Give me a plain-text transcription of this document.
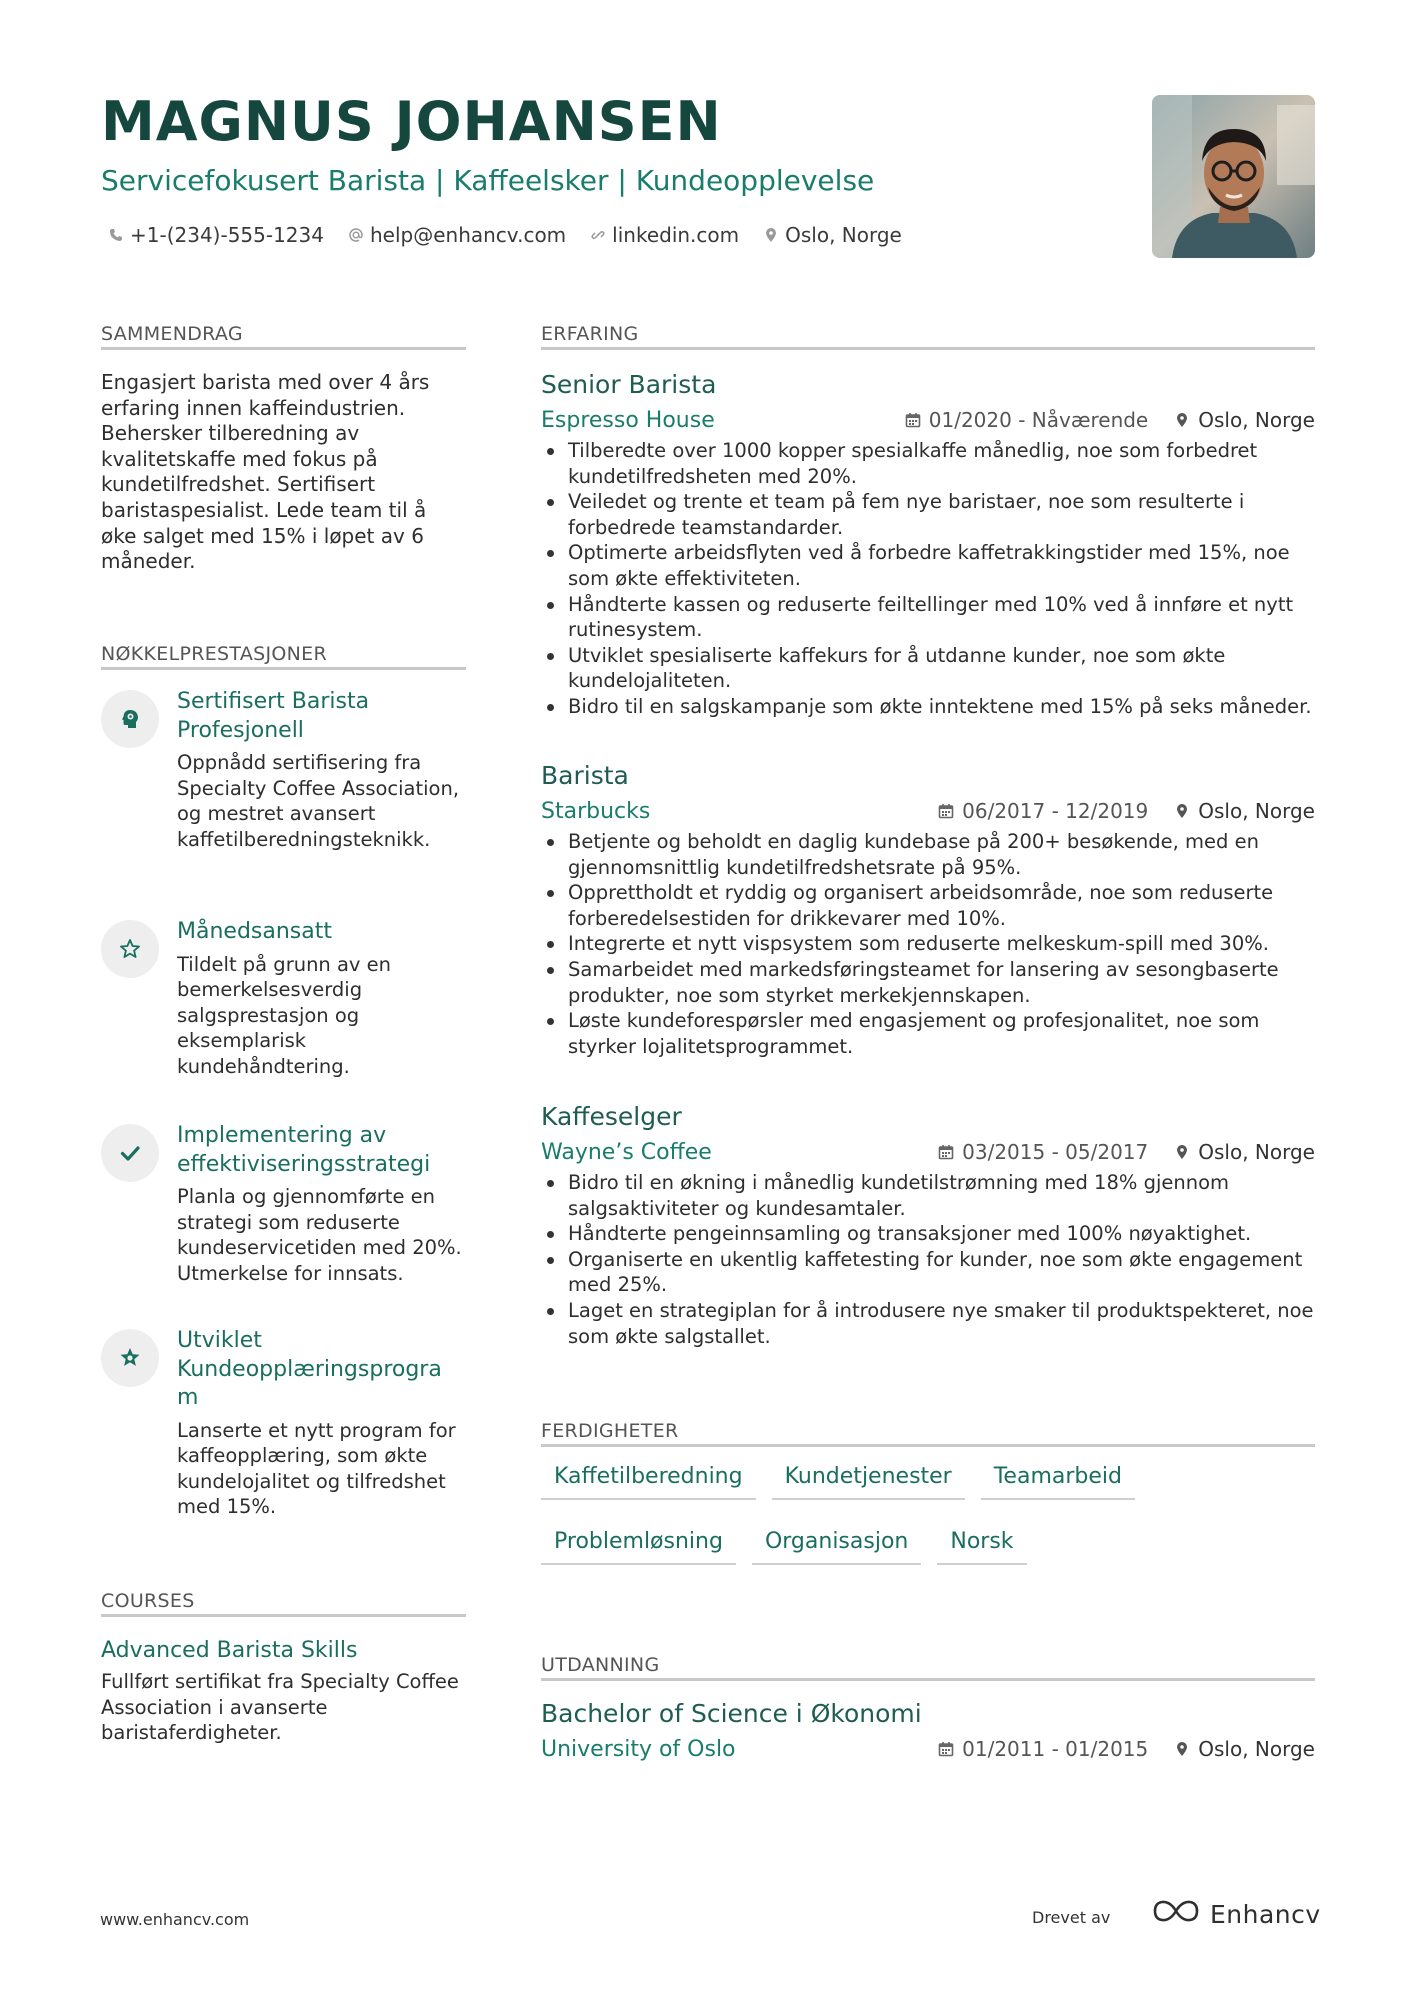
MAGNUS JOHANSEN
Servicefokusert Barista | Kaffeelsker | Kundeopplevelse
+1-(234)-555-1234 help@enhancv.com linkedin.com Oslo, Norge
SAMMENDRAG
Engasjert barista med over 4 års erfaring innen kaffeindustrien. Behersker tilberedning av kvalitetskaffe med fokus på kundetilfredshet. Sertifisert baristaspesialist. Lede team til å øke salget med 15% i løpet av 6 måneder.
NØKKELPRESTASJONER
Sertifisert Barista Profesjonell
Oppnådd sertifisering fra Specialty Coffee Association, og mestret avansert kaffetilberedningsteknikk.
Månedsansatt
Tildelt på grunn av en bemerkelsesverdig salgsprestasjon og eksemplarisk kundehåndtering.
Implementering av effektiviseringsstrategi
Planla og gjennomførte en strategi som reduserte kundeservicetiden med 20%. Utmerkelse for innsats.
Utviklet Kundeopplæringsprogra m
Lanserte et nytt program for kaffeopplæring, som økte kundelojalitet og tilfredshet med 15%.
COURSES
Advanced Barista Skills
Fullført sertifikat fra Specialty Coffee Association i avanserte baristaferdigheter.
ERFARING
Senior Barista
Espresso House	01/2020 - Nåværende	Oslo, Norge
Tilberedte over 1000 kopper spesialkaffe månedlig, noe som forbedret kundetilfredsheten med 20%.
Veiledet og trente et team på fem nye baristaer, noe som resulterte i forbedrede teamstandarder.
Optimerte arbeidsflyten ved å forbedre kaffetrakkingstider med 15%, noe som økte effektiviteten.
Håndterte kassen og reduserte feiltellinger med 10% ved å innføre et nytt rutinesystem.
Utviklet spesialiserte kaffekurs for å utdanne kunder, noe som økte kundelojaliteten.
Bidro til en salgskampanje som økte inntektene med 15% på seks måneder.
Barista
Starbucks	06/2017 - 12/2019	Oslo, Norge
Betjente og beholdt en daglig kundebase på 200+ besøkende, med en gjennomsnittlig kundetilfredshetsrate på 95%.
Opprettholdt et ryddig og organisert arbeidsområde, noe som reduserte forberedelsestiden for drikkevarer med 10%.
Integrerte et nytt vispsystem som reduserte melkeskum-spill med 30%.
Samarbeidet med markedsføringsteamet for lansering av sesongbaserte produkter, noe som styrket merkekjennskapen.
Løste kundeforespørsler med engasjement og profesjonalitet, noe som styrker lojalitetsprogrammet.
Kaffeselger
Wayne’s Coffee	03/2015 - 05/2017	Oslo, Norge
Bidro til en økning i månedlig kundetilstrømning med 18% gjennom salgsaktiviteter og kundesamtaler.
Håndterte pengeinnsamling og transaksjoner med 100% nøyaktighet.
Organiserte en ukentlig kaffetesting for kunder, noe som økte engagement med 25%.
Laget en strategiplan for å introdusere nye smaker til produktspekteret, noe som økte salgstallet.
FERDIGHETER
Kaffetilberedning	Kundetjenester	Teamarbeid
Problemløsning	Organisasjon	Norsk
UTDANNING
Bachelor of Science i Økonomi
University of Oslo	01/2011 - 01/2015	Oslo, Norge
www.enhancv.com	Drevet av	Enhancv
